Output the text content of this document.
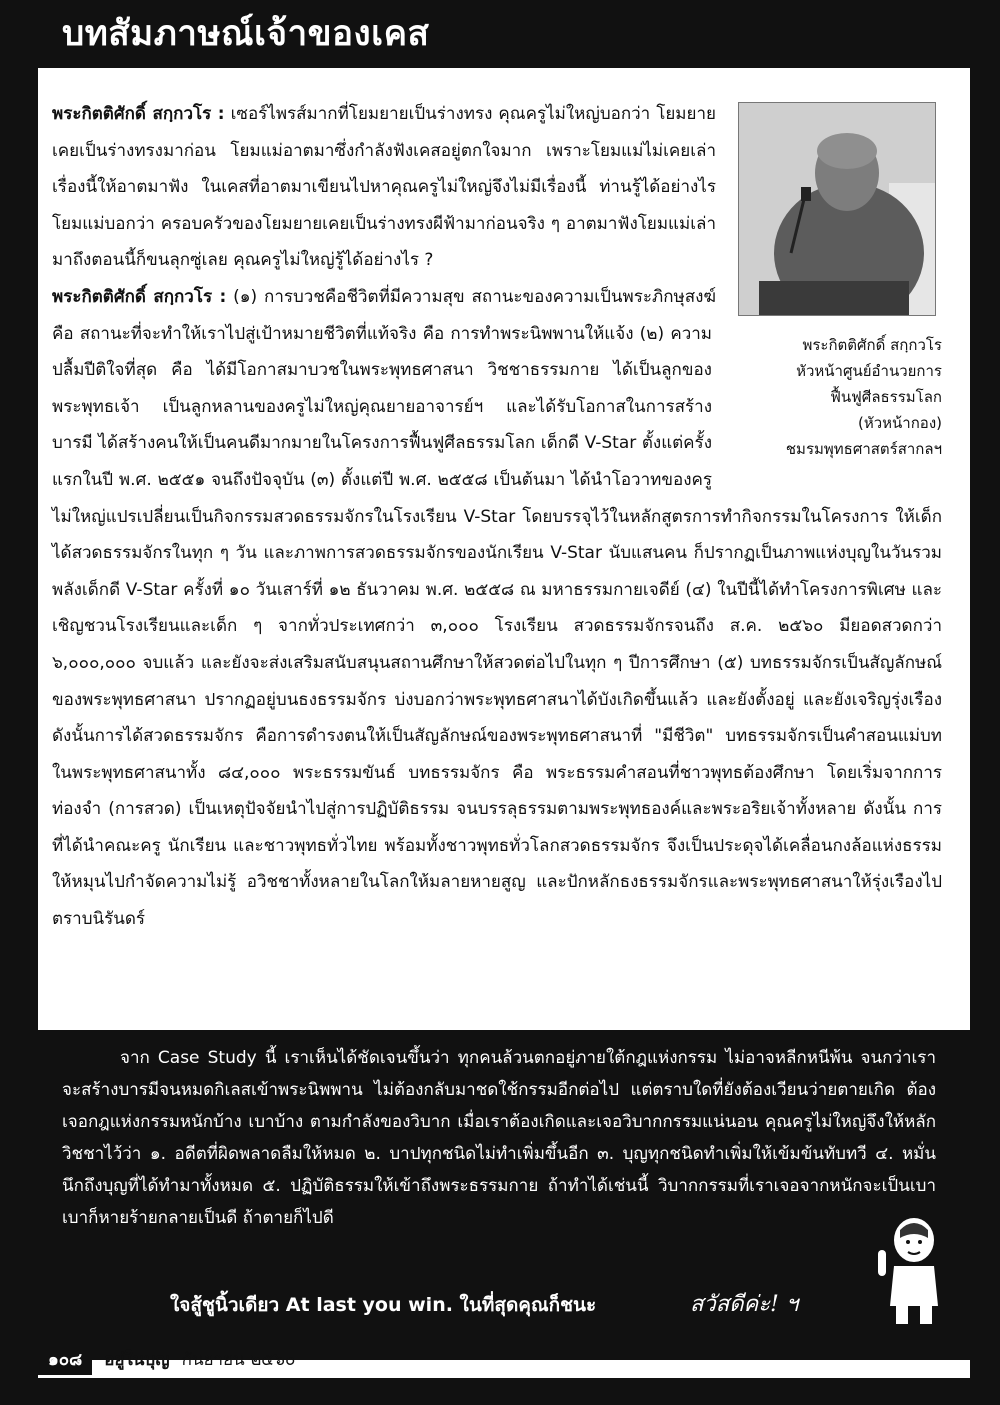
บทสัมภาษณ์เจ้าของเคส
พระกิตติศักดิ์ สกฺกวโร
หัวหน้าศูนย์อำนวยการ
ฟื้นฟูศีลธรรมโลก
(หัวหน้ากอง)
ชมรมพุทธศาสตร์สากลฯ
พระกิตติศักดิ์ สกฺกวโร : เซอร์ไพรส์มากที่โยมยายเป็นร่างทรง คุณครูไม่ใหญ่บอกว่า โยมยายเคยเป็นร่างทรงมาก่อน โยมแม่อาตมาซึ่งกำลังฟังเคสอยู่ตกใจมาก เพราะโยมแม่ไม่เคยเล่าเรื่องนี้ให้อาตมาฟัง ในเคสที่อาตมาเขียนไปหาคุณครูไม่ใหญ่จึงไม่มีเรื่องนี้ ท่านรู้ได้อย่างไร โยมแม่บอกว่า ครอบครัวของโยมยายเคยเป็นร่างทรงผีฟ้ามาก่อนจริง ๆ อาตมาฟังโยมแม่เล่ามาถึงตอนนี้ก็ขนลุกซู่เลย คุณครูไม่ใหญ่รู้ได้อย่างไร ?
พระกิตติศักดิ์ สกฺกวโร : (๑) การบวชคือชีวิตที่มีความสุข สถานะของความเป็นพระภิกษุสงฆ์ คือ สถานะที่จะทำให้เราไปสู่เป้าหมายชีวิตที่แท้จริง คือ การทำพระนิพพานให้แจ้ง (๒) ความปลื้มปีติใจที่สุด คือ ได้มีโอกาสมาบวชในพระพุทธศาสนา วิชชาธรรมกาย ได้เป็นลูกของพระพุทธเจ้า เป็นลูกหลานของครูไม่ใหญ่คุณยายอาจารย์ฯ และได้รับโอกาสในการสร้างบารมี ได้สร้างคนให้เป็นคนดีมากมายในโครงการฟื้นฟูศีลธรรมโลก เด็กดี V-Star ตั้งแต่ครั้งแรกในปี พ.ศ. ๒๕๕๑ จนถึงปัจจุบัน (๓) ตั้งแต่ปี พ.ศ. ๒๕๕๘ เป็นต้นมา ได้นำโอวาทของครูไม่ใหญ่แปรเปลี่ยนเป็นกิจกรรมสวดธรรมจักรในโรงเรียน V-Star โดยบรรจุไว้ในหลักสูตรการทำกิจกรรมในโครงการ ให้เด็กได้สวดธรรมจักรในทุก ๆ วัน และภาพการสวดธรรมจักรของนักเรียน V-Star นับแสนคน ก็ปรากฏเป็นภาพแห่งบุญในวันรวมพลังเด็กดี V-Star ครั้งที่ ๑๐ วันเสาร์ที่ ๑๒ ธันวาคม พ.ศ. ๒๕๕๘ ณ มหาธรรมกายเจดีย์ (๔) ในปีนี้ได้ทำโครงการพิเศษ และเชิญชวนโรงเรียนและเด็ก ๆ จากทั่วประเทศกว่า ๓,๐๐๐ โรงเรียน สวดธรรมจักรจนถึง ส.ค. ๒๕๖๐ มียอดสวดกว่า ๖,๐๐๐,๐๐๐ จบแล้ว และยังจะส่งเสริมสนับสนุนสถานศึกษาให้สวดต่อไปในทุก ๆ ปีการศึกษา (๕) บทธรรมจักรเป็นสัญลักษณ์ของพระพุทธศาสนา ปรากฏอยู่บนธงธรรมจักร บ่งบอกว่าพระพุทธศาสนาได้บังเกิดขึ้นแล้ว และยังตั้งอยู่ และยังเจริญรุ่งเรือง ดังนั้นการได้สวดธรรมจักร คือการดำรงตนให้เป็นสัญลักษณ์ของพระพุทธศาสนาที่ "มีชีวิต" บทธรรมจักรเป็นคำสอนแม่บทในพระพุทธศาสนาทั้ง ๘๔,๐๐๐ พระธรรมขันธ์ บทธรรมจักร คือ พระธรรมคำสอนที่ชาวพุทธต้องศึกษา โดยเริ่มจากการท่องจำ (การสวด) เป็นเหตุปัจจัยนำไปสู่การปฏิบัติธรรม จนบรรลุธรรมตามพระพุทธองค์และพระอริยเจ้าทั้งหลาย ดังนั้น การที่ได้นำคณะครู นักเรียน และชาวพุทธทั่วไทย พร้อมทั้งชาวพุทธทั่วโลกสวดธรรมจักร จึงเป็นประดุจได้เคลื่อนกงล้อแห่งธรรมให้หมุนไปกำจัดความไม่รู้ อวิชชาทั้งหลายในโลกให้มลายหายสูญ และปักหลักธงธรรมจักรและพระพุทธศาสนาให้รุ่งเรืองไปตราบนิรันดร์

จาก Case Study นี้ เราเห็นได้ชัดเจนขึ้นว่า ทุกคนล้วนตกอยู่ภายใต้กฎแห่งกรรม ไม่อาจหลีกหนีพ้น จนกว่าเราจะสร้างบารมีจนหมดกิเลสเข้าพระนิพพาน ไม่ต้องกลับมาชดใช้กรรมอีกต่อไป แต่ตราบใดที่ยังต้องเวียนว่ายตายเกิด ต้องเจอกฎแห่งกรรมหนักบ้าง เบาบ้าง ตามกำลังของวิบาก เมื่อเราต้องเกิดและเจอวิบากกรรมแน่นอน คุณครูไม่ใหญ่จึงให้หลักวิชชาไว้ว่า ๑. อดีตที่ผิดพลาดลืมให้หมด ๒. บาปทุกชนิดไม่ทำเพิ่มขึ้นอีก ๓. บุญทุกชนิดทำเพิ่มให้เข้มข้นทับทวี ๔. หมั่นนึกถึงบุญที่ได้ทำมาทั้งหมด ๕. ปฏิบัติธรรมให้เข้าถึงพระธรรมกาย ถ้าทำได้เช่นนี้ วิบากกรรมที่เราเจอจากหนักจะเป็นเบา เบาก็หายร้ายกลายเป็นดี ถ้าตายก็ไปดี

ใจสู้ชูนิ้วเดียว At last you win. ในที่สุดคุณก็ชนะ	สวัสดีค่ะ! ฯ
๑๐๘	อยู่ในบุญ กันยายน ๒๕๖๐
